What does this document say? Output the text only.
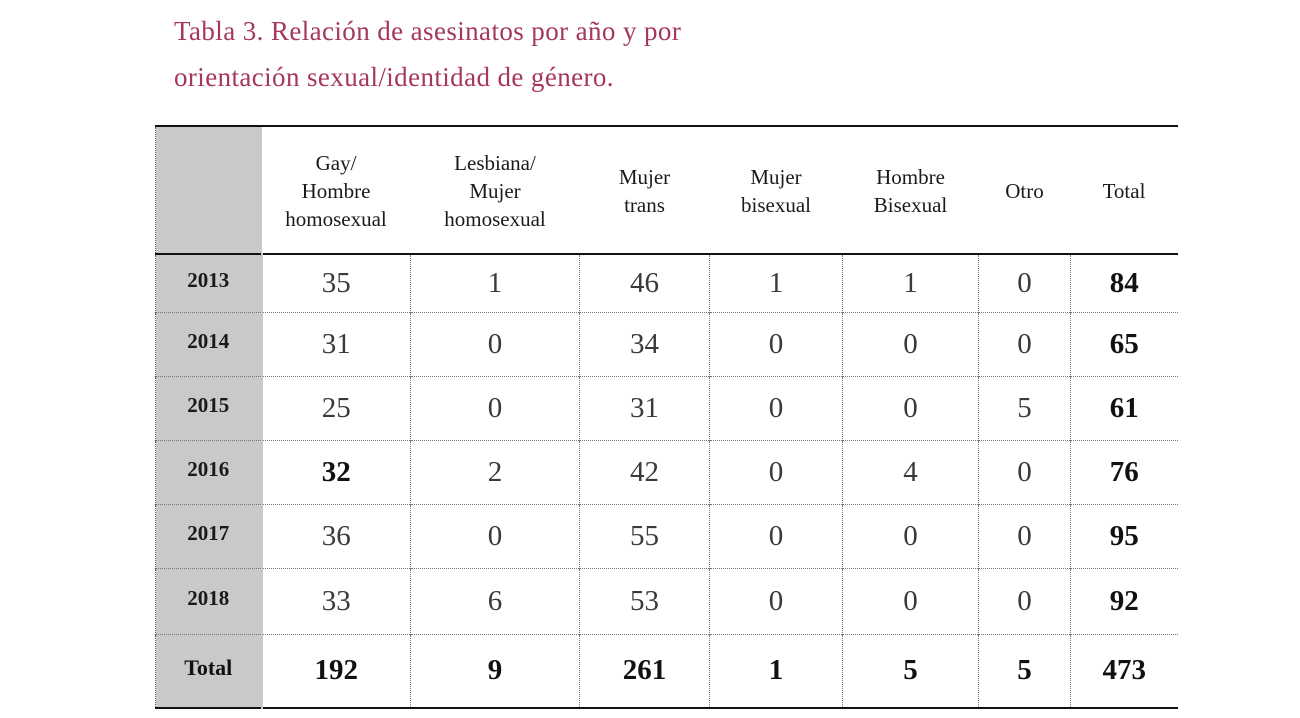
Tabla 3. Relación de asesinatos por año y por
orientación sexual/identidad de género.
	Gay/
Hombre
homosexual	Lesbiana/
Mujer
homosexual	Mujer
trans	Mujer
bisexual	Hombre
Bisexual	Otro	Total
2013	35	1	46	1	1	0	84
2014	31	0	34	0	0	0	65
2015	25	0	31	0	0	5	61
2016	32	2	42	0	4	0	76
2017	36	0	55	0	0	0	95
2018	33	6	53	0	0	0	92
Total	192	9	261	1	5	5	473
